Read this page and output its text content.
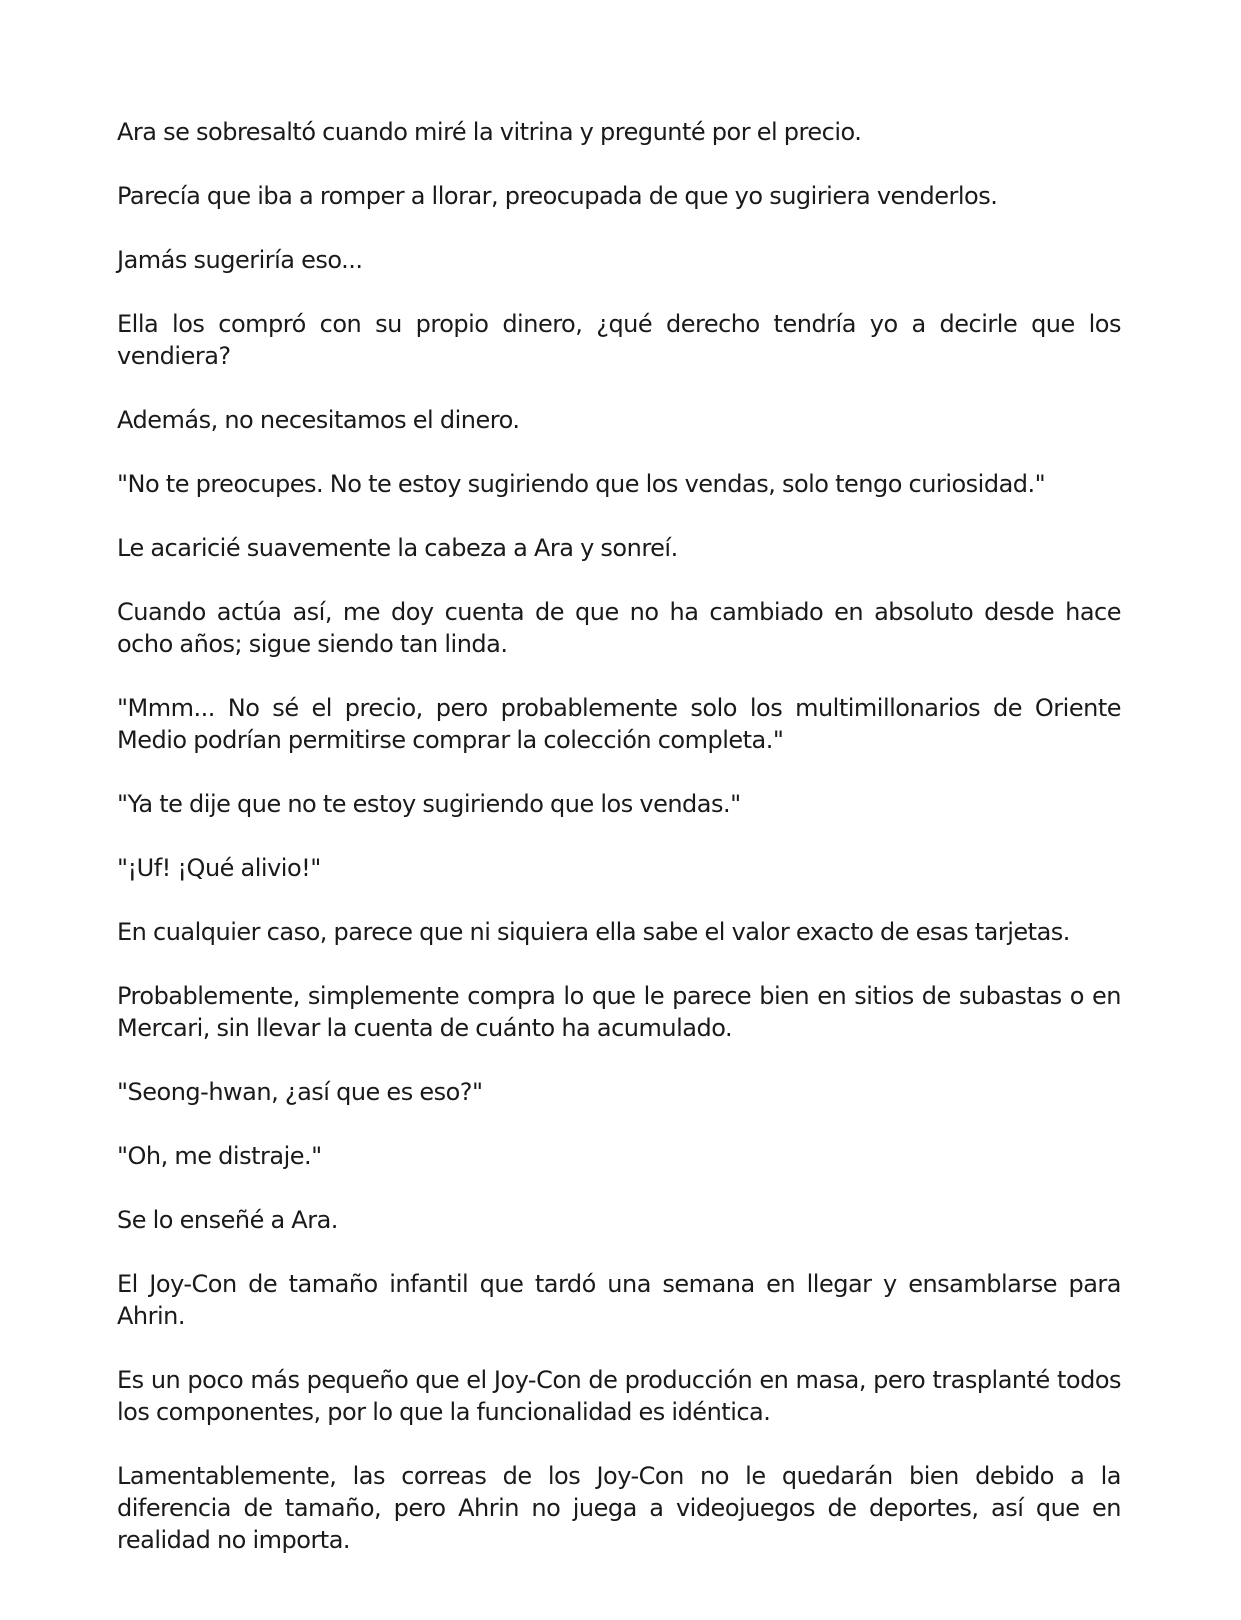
Ara se sobresaltó cuando miré la vitrina y pregunté por el precio.

Parecía que iba a romper a llorar, preocupada de que yo sugiriera venderlos.

Jamás sugeriría eso...

Ella los compró con su propio dinero, ¿qué derecho tendría yo a decirle que los vendiera?

Además, no necesitamos el dinero.

"No te preocupes. No te estoy sugiriendo que los vendas, solo tengo curiosidad."

Le acaricié suavemente la cabeza a Ara y sonreí.

Cuando actúa así, me doy cuenta de que no ha cambiado en absoluto desde hace ocho años; sigue siendo tan linda.

"Mmm... No sé el precio, pero probablemente solo los multimillonarios de Oriente Medio podrían permitirse comprar la colección completa."

"Ya te dije que no te estoy sugiriendo que los vendas."

"¡Uf! ¡Qué alivio!"

En cualquier caso, parece que ni siquiera ella sabe el valor exacto de esas tarjetas.

Probablemente, simplemente compra lo que le parece bien en sitios de subastas o en Mercari, sin llevar la cuenta de cuánto ha acumulado.

"Seong-hwan, ¿así que es eso?"

"Oh, me distraje."

Se lo enseñé a Ara.

El Joy-Con de tamaño infantil que tardó una semana en llegar y ensamblarse para Ahrin.

Es un poco más pequeño que el Joy-Con de producción en masa, pero trasplanté todos los componentes, por lo que la funcionalidad es idéntica.

Lamentablemente, las correas de los Joy-Con no le quedarán bien debido a la diferencia de tamaño, pero Ahrin no juega a videojuegos de deportes, así que en realidad no importa.
